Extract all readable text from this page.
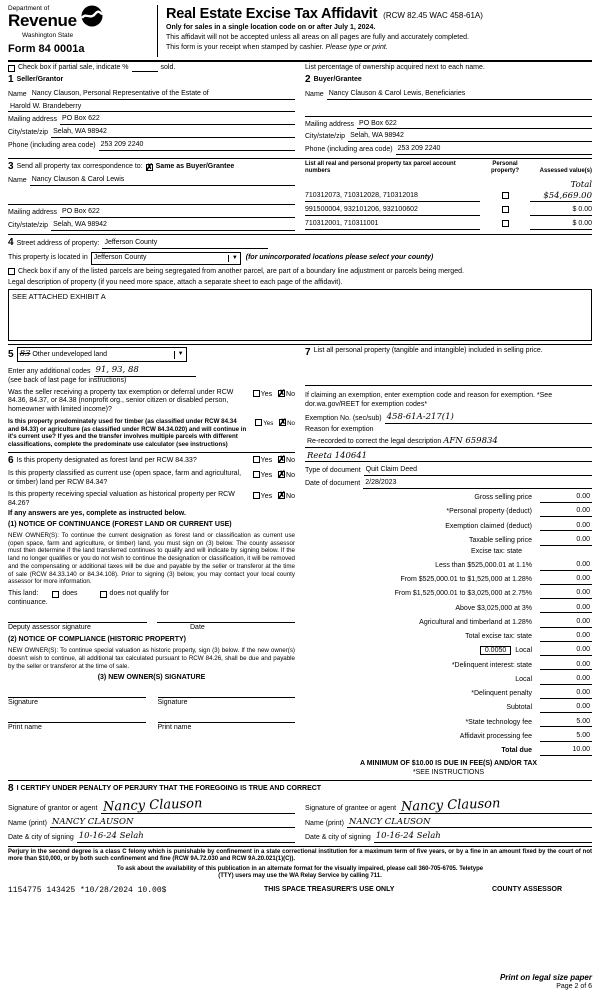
Department of
Revenue
Washington State
Form 84 0001a
Real Estate Excise Tax Affidavit (RCW 82.45 WAC 458-61A)
Only for sales in a single location code on or after July 1, 2024.
This affidavit will not be accepted unless all areas on all pages are fully and accurately completed.
This form is your receipt when stamped by cashier. Please type or print.
Check box if partial sale, indicate %	sold.	List percentage of ownership acquired next to each name.
1 Seller/Grantor
Name Nancy Clauson, Personal Representative of the Estate of
Harold W. Brandeberry
Mailing address PO Box 622
City/state/zip Selah, WA 98942
Phone (including area code) 253 209 2240
2 Buyer/Grantee
Name Nancy Clauson & Carol Lewis, Beneficiaries
Mailing address PO Box 622
City/state/zip Selah, WA 98942
Phone (including area code) 253 209 2240
3 Send all property tax correspondence to: ✗ Same as Buyer/Grantee
Name Nancy Clauson & Carol Lewis
Mailing address PO Box 622
City/state/zip Selah, WA 98942
List all real and personal property tax parcel account numbers
Personal property?	Assessed value(s)
710312073, 710312028, 710312018
Total $54,669.00
991500004, 932101206, 932100602	$ 0.00
710312001, 710311001	$ 0.00
4 Street address of property: Jefferson County
This property is located in Jefferson County	▼ (for unincorporated locations please select your county)
Check box if any of the listed parcels are being segregated from another parcel, are part of a boundary line adjustment or parcels being merged.
Legal description of property (if you need more space, attach a separate sheet to each page of the affidavit).
SEE ATTACHED EXHIBIT A
5 83 Other undeveloped land	▼
Enter any additional codes 91, 93, 88
(see back of last page for instructions)
Was the seller receiving a property tax exemption or deferral under RCW 84.36, 84.37, or 84.38 (nonprofit org., senior citizen or disabled person, homeowner with limited income)?
Yes ✗ No
Is this property predominately used for timber (as classified under RCW 84.34 and 84.33) or agriculture (as classified under RCW 84.34.020) and will continue in it's current use? If yes and the transfer involves multiple parcels with different classifications, complete the predominate use calculator (see instructions)
Yes ✗ No
6 Is this property designated as forest land per RCW 84.33?	Yes ✗ No
Is this property classified as current use (open space, farm and agricultural, or timber) land per RCW 84.34?
Yes ✗ No
Is this property receiving special valuation as historical property per RCW 84.26?
Yes ✗ No
If any answers are yes, complete as instructed below.
(1) NOTICE OF CONTINUANCE (FOREST LAND OR CURRENT USE)
NEW OWNER(S): To continue the current designation as forest land or classification as current use (open space, farm and agriculture, or timber) land, you must sign on (3) below. The county assessor must then determine if the land transferred continues to qualify and will indicate by signing below. If the land no longer qualifies or you do not wish to continue the designation or classification, it will be removed and the compensating or additional taxes will be due and payable by the seller or transferor at the time of sale (RCW 84.33.140 or 84.34.108). Prior to signing (3) below, you may contact your local county assessor for more information.
This land:	does	does not qualify for
continuance.
Deputy assessor signature	Date
(2) NOTICE OF COMPLIANCE (HISTORIC PROPERTY)
NEW OWNER(S): To continue special valuation as historic property, sign (3) below. If the new owner(s) doesn't wish to continue, all additional tax calculated pursuant to RCW 84.26, shall be due and payable by the seller or transferor at the time of sale.
(3) NEW OWNER(S) SIGNATURE
Signature	Signature
Print name	Print name
7 List all personal property (tangible and intangible) included in selling price.
If claiming an exemption, enter exemption code and reason for exemption. *See dor.wa.gov/REET for exemption codes*
Exemption No. (sec/sub) 458-61A-217(1)
Reason for exemption
Re-recorded to correct the legal description AFN 659834
Reeta 140641
Type of document Quit Claim Deed
Date of document 2/28/2023
Gross selling price	0.00
*Personal property (deduct)	0.00
Exemption claimed (deduct)	0.00
Taxable selling price	0.00
Excise tax: state
Less than $525,000.01 at 1.1%	0.00
From $525,000.01 to $1,525,000 at 1.28%	0.00
From $1,525,000.01 to $3,025,000 at 2.75%	0.00
Above $3,025,000 at 3%	0.00
Agricultural and timberland at 1.28%	0.00
Total excise tax: state	0.00
0.0050 Local	0.00
*Delinquent interest: state	0.00
Local	0.00
*Delinquent penalty	0.00
Subtotal	0.00
*State technology fee	5.00
Affidavit processing fee	5.00
Total due	10.00
A MINIMUM OF $10.00 IS DUE IN FEE(S) AND/OR TAX
*SEE INSTRUCTIONS
8 I CERTIFY UNDER PENALTY OF PERJURY THAT THE FOREGOING IS TRUE AND CORRECT
Signature of grantor or agent Nancy Clauson
Name (print) NANCY CLAUSON
Date & city of signing 10-16-24 Selah
Signature of grantee or agent Nancy Clauson
Name (print) NANCY CLAUSON
Date & city of signing 10-16-24 Selah
Perjury in the second degree is a class C felony which is punishable by confinement in a state correctional institution for a maximum term of five years, or by a fine in an amount fixed by the court of not more than $10,000, or by both such confinement and fine (RCW 9A.72.030 and RCW 9A.20.021(1)(C)).
To ask about the availability of this publication in an alternate format for the visually impaired, please call 360-705-6705. Teletype
(TTY) users may use the WA Relay Service by calling 711.
1154775 143425 *10/28/2024 10.00$	THIS SPACE TREASURER'S USE ONLY	COUNTY ASSESSOR
Print on legal size paper
Page 2 of 6
